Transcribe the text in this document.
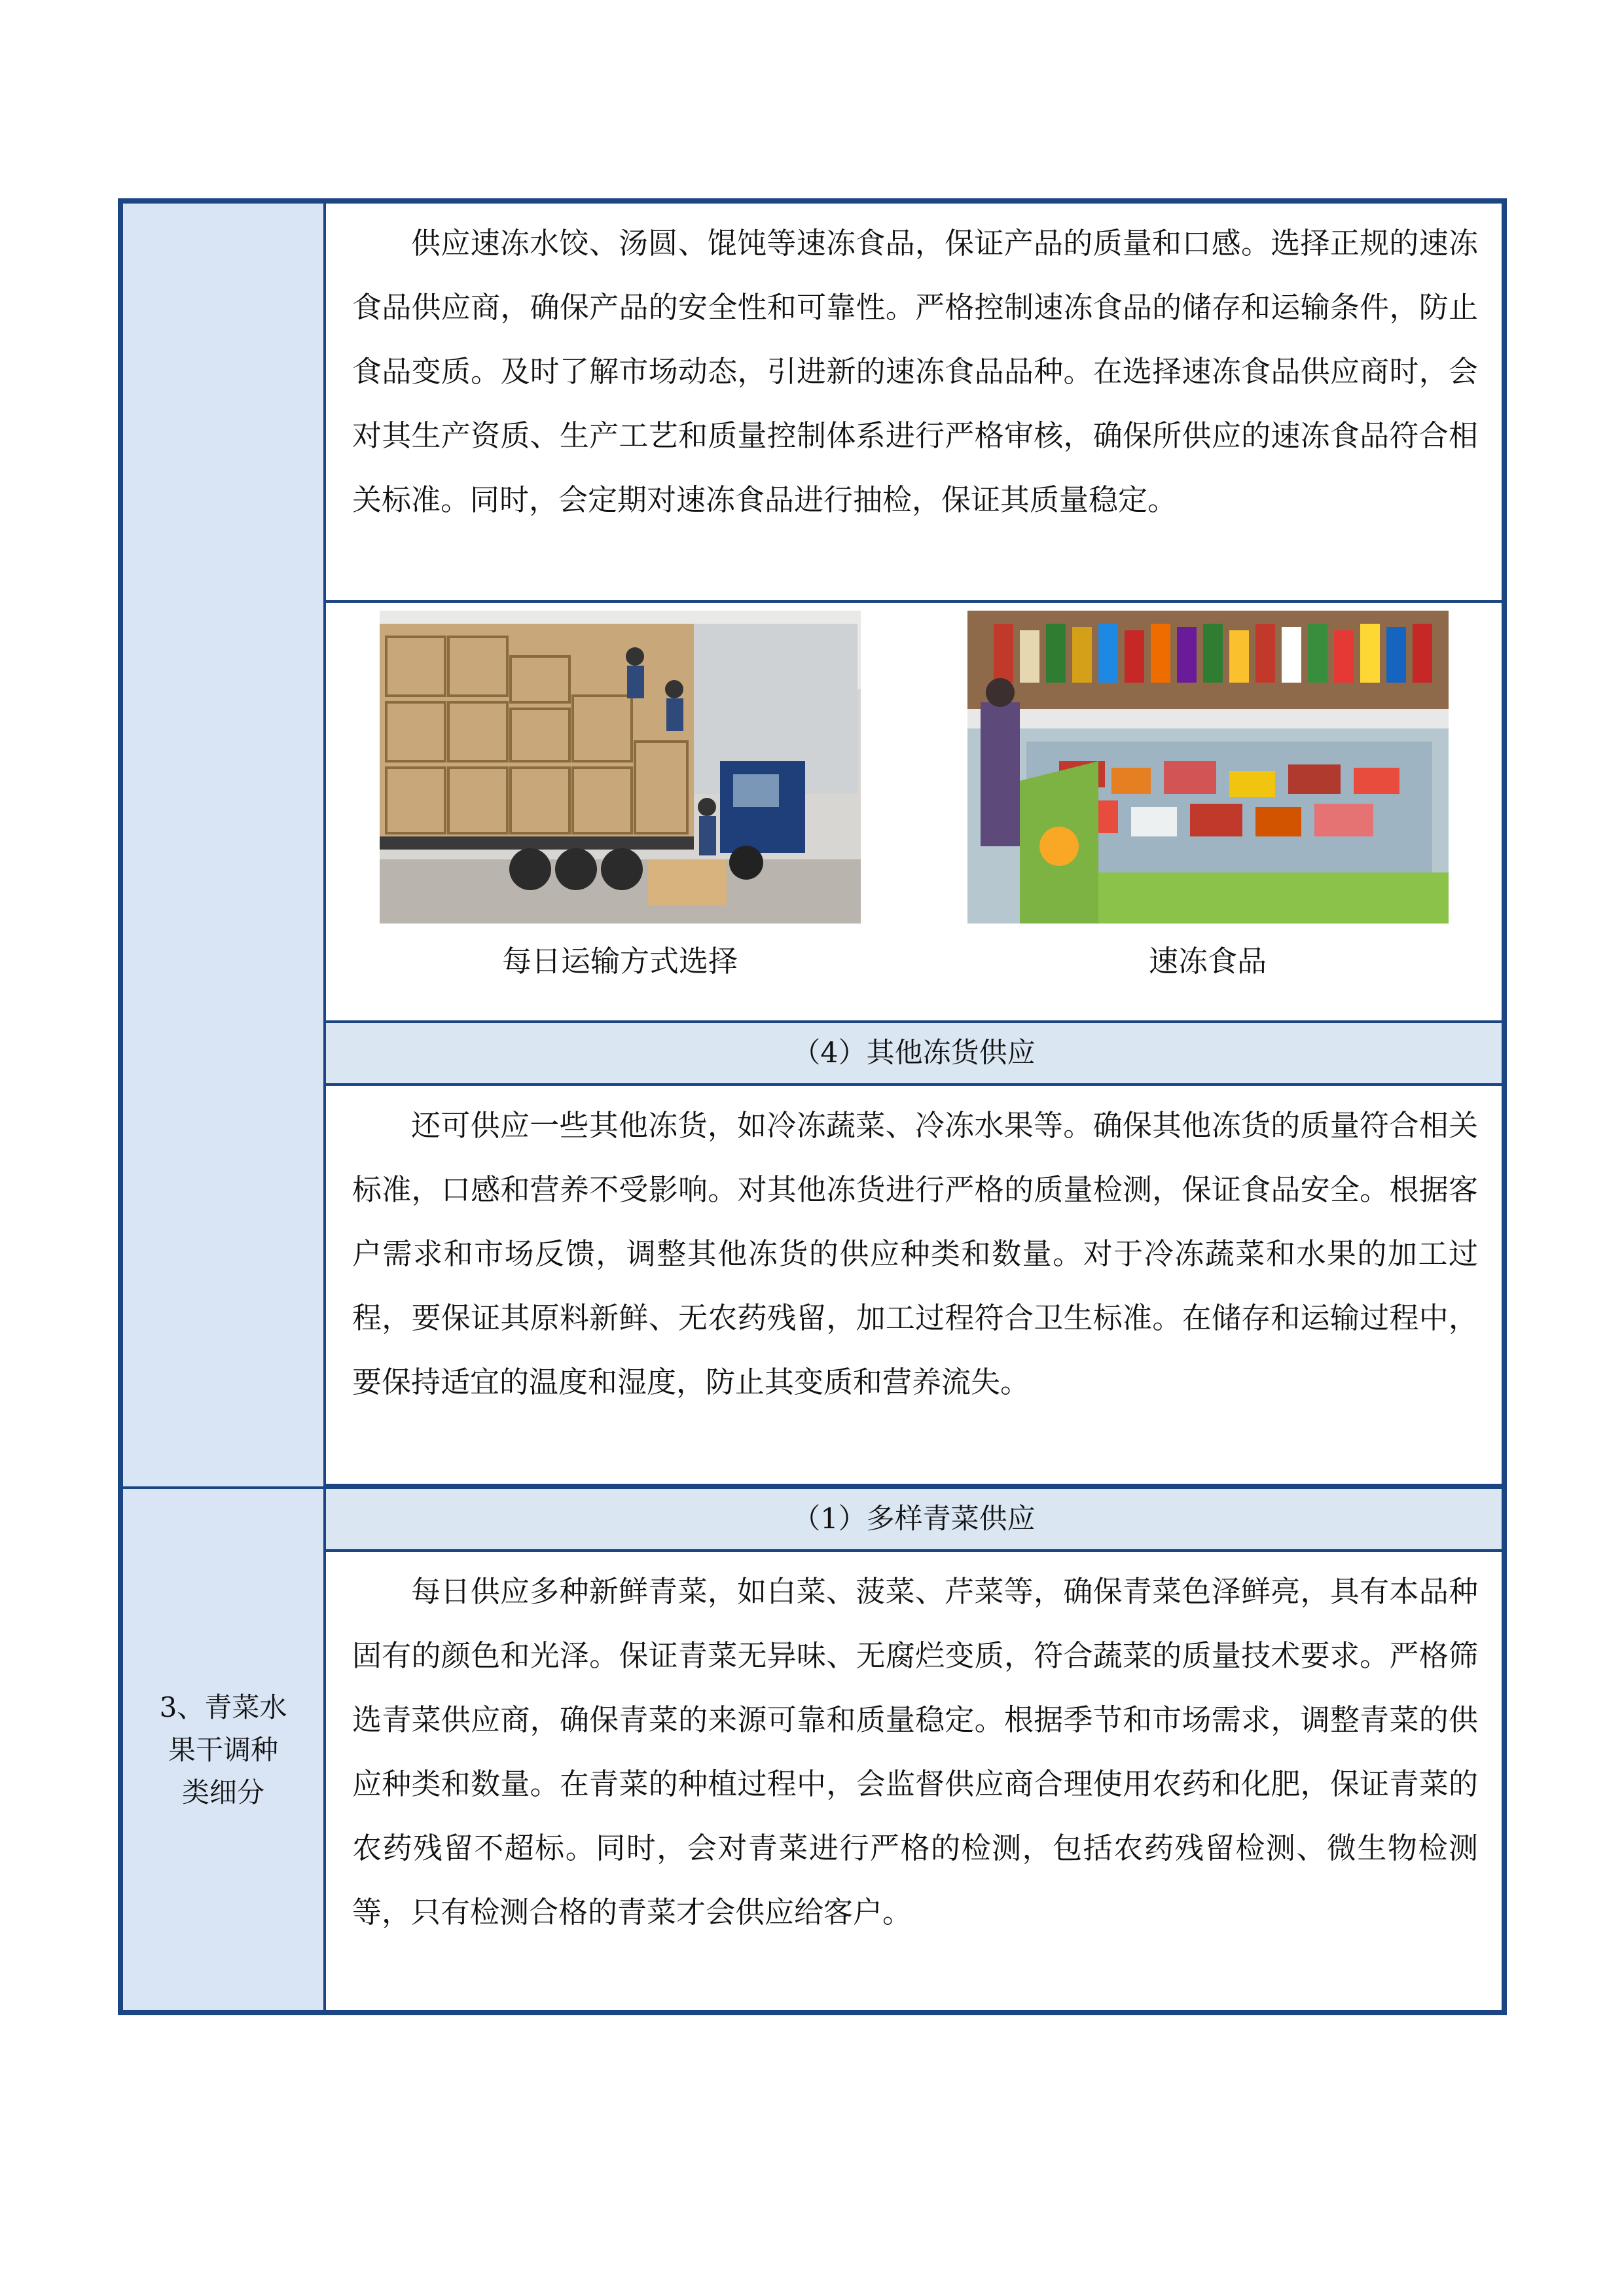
	供应速冻水饺、汤圆、馄饨等速冻食品，保证产品的质量和口感。选择正规的速冻食品供应商，确保产品的安全性和可靠性。严格控制速冻食品的储存和运输条件，防止食品变质。及时了解市场动态，引进新的速冻食品品种。在选择速冻食品供应商时，会对其生产资质、生产工艺和质量控制体系进行严格审核，确保所供应的速冻食品符合相关标准。同时，会定期对速冻食品进行抽检，保证其质量稳定。

	每日运输方式选择 速冻食品

	（4）其他冻货供应

	还可供应一些其他冻货，如冷冻蔬菜、冷冻水果等。确保其他冻货的质量符合相关标准，口感和营养不受影响。对其他冻货进行严格的质量检测，保证食品安全。根据客户需求和市场反馈，调整其他冻货的供应种类和数量。对于冷冻蔬菜和水果的加工过程，要保证其原料新鲜、无农药残留，加工过程符合卫生标准。在储存和运输过程中，要保持适宜的温度和湿度，防止其变质和营养流失。

3、青菜水果干调种类细分	（1）多样青菜供应

	每日供应多种新鲜青菜，如白菜、菠菜、芹菜等，确保青菜色泽鲜亮，具有本品种固有的颜色和光泽。保证青菜无异味、无腐烂变质，符合蔬菜的质量技术要求。严格筛选青菜供应商，确保青菜的来源可靠和质量稳定。根据季节和市场需求，调整青菜的供应种类和数量。在青菜的种植过程中，会监督供应商合理使用农药和化肥，保证青菜的农药残留不超标。同时，会对青菜进行严格的检测，包括农药残留检测、微生物检测等，只有检测合格的青菜才会供应给客户。
